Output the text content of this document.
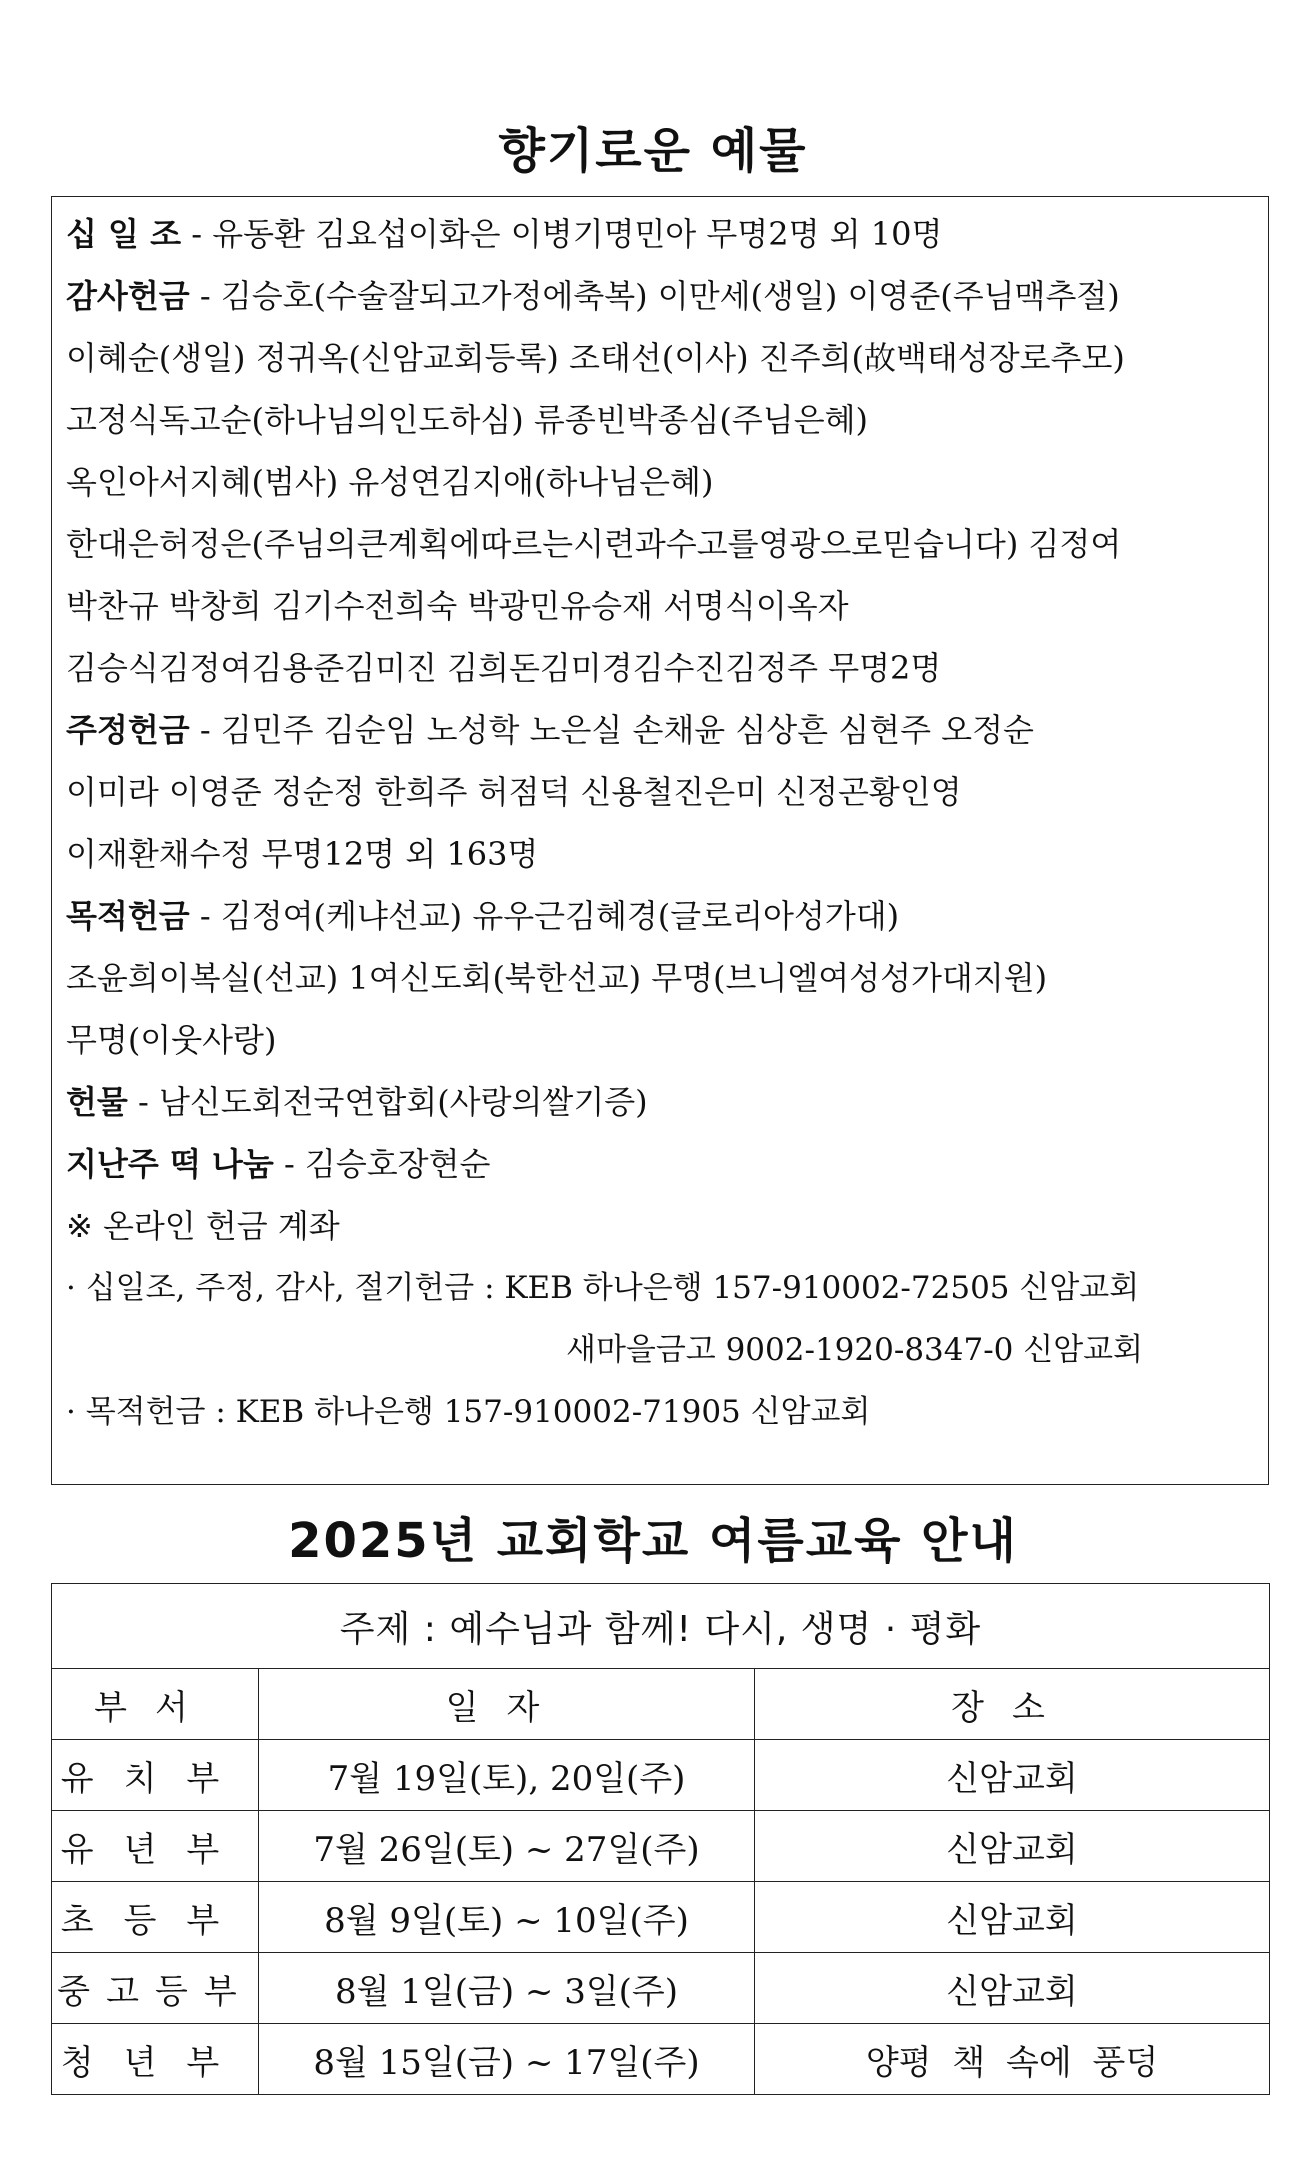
향기로운 예물
십 일 조 - 유동환 김요섭이화은 이병기명민아 무명2명 외 10명
감사헌금 - 김승호(수술잘되고가정에축복) 이만세(생일) 이영준(주님맥추절)
이혜순(생일) 정귀옥(신암교회등록) 조태선(이사) 진주희(故백태성장로추모)
고정식독고순(하나님의인도하심) 류종빈박종심(주님은혜)
옥인아서지혜(범사) 유성연김지애(하나님은혜)
한대은허정은(주님의큰계획에따르는시련과수고를영광으로믿습니다) 김정여
박찬규 박창희 김기수전희숙 박광민유승재 서명식이옥자
김승식김정여김용준김미진 김희돈김미경김수진김정주 무명2명
주정헌금 - 김민주 김순임 노성학 노은실 손채윤 심상흔 심현주 오정순
이미라 이영준 정순정 한희주 허점덕 신용철진은미 신정곤황인영
이재환채수정 무명12명 외 163명
목적헌금 - 김정여(케냐선교) 유우근김혜경(글로리아성가대)
조윤희이복실(선교) 1여신도회(북한선교) 무명(브니엘여성성가대지원)
무명(이웃사랑)
헌물 - 남신도회전국연합회(사랑의쌀기증)
지난주 떡 나눔 - 김승호장현순
※ 온라인 헌금 계좌
· 십일조, 주정, 감사, 절기헌금 : KEB 하나은행 157-910002-72505 신암교회
새마을금고 9002-1920-8347-0 신암교회
· 목적헌금 : KEB 하나은행 157-910002-71905 신암교회
2025년 교회학교 여름교육 안내
주제 : 예수님과 함께! 다시, 생명 · 평화		
부서	일자	장소
유치부	7월 19일(토), 20일(주)	신암교회
유년부	7월 26일(토) ~ 27일(주)	신암교회
초등부	8월 9일(토) ~ 10일(주)	신암교회
중고등부	8월 1일(금) ~ 3일(주)	신암교회
청년부	8월 15일(금) ~ 17일(주)	양평 책 속에 풍덩
